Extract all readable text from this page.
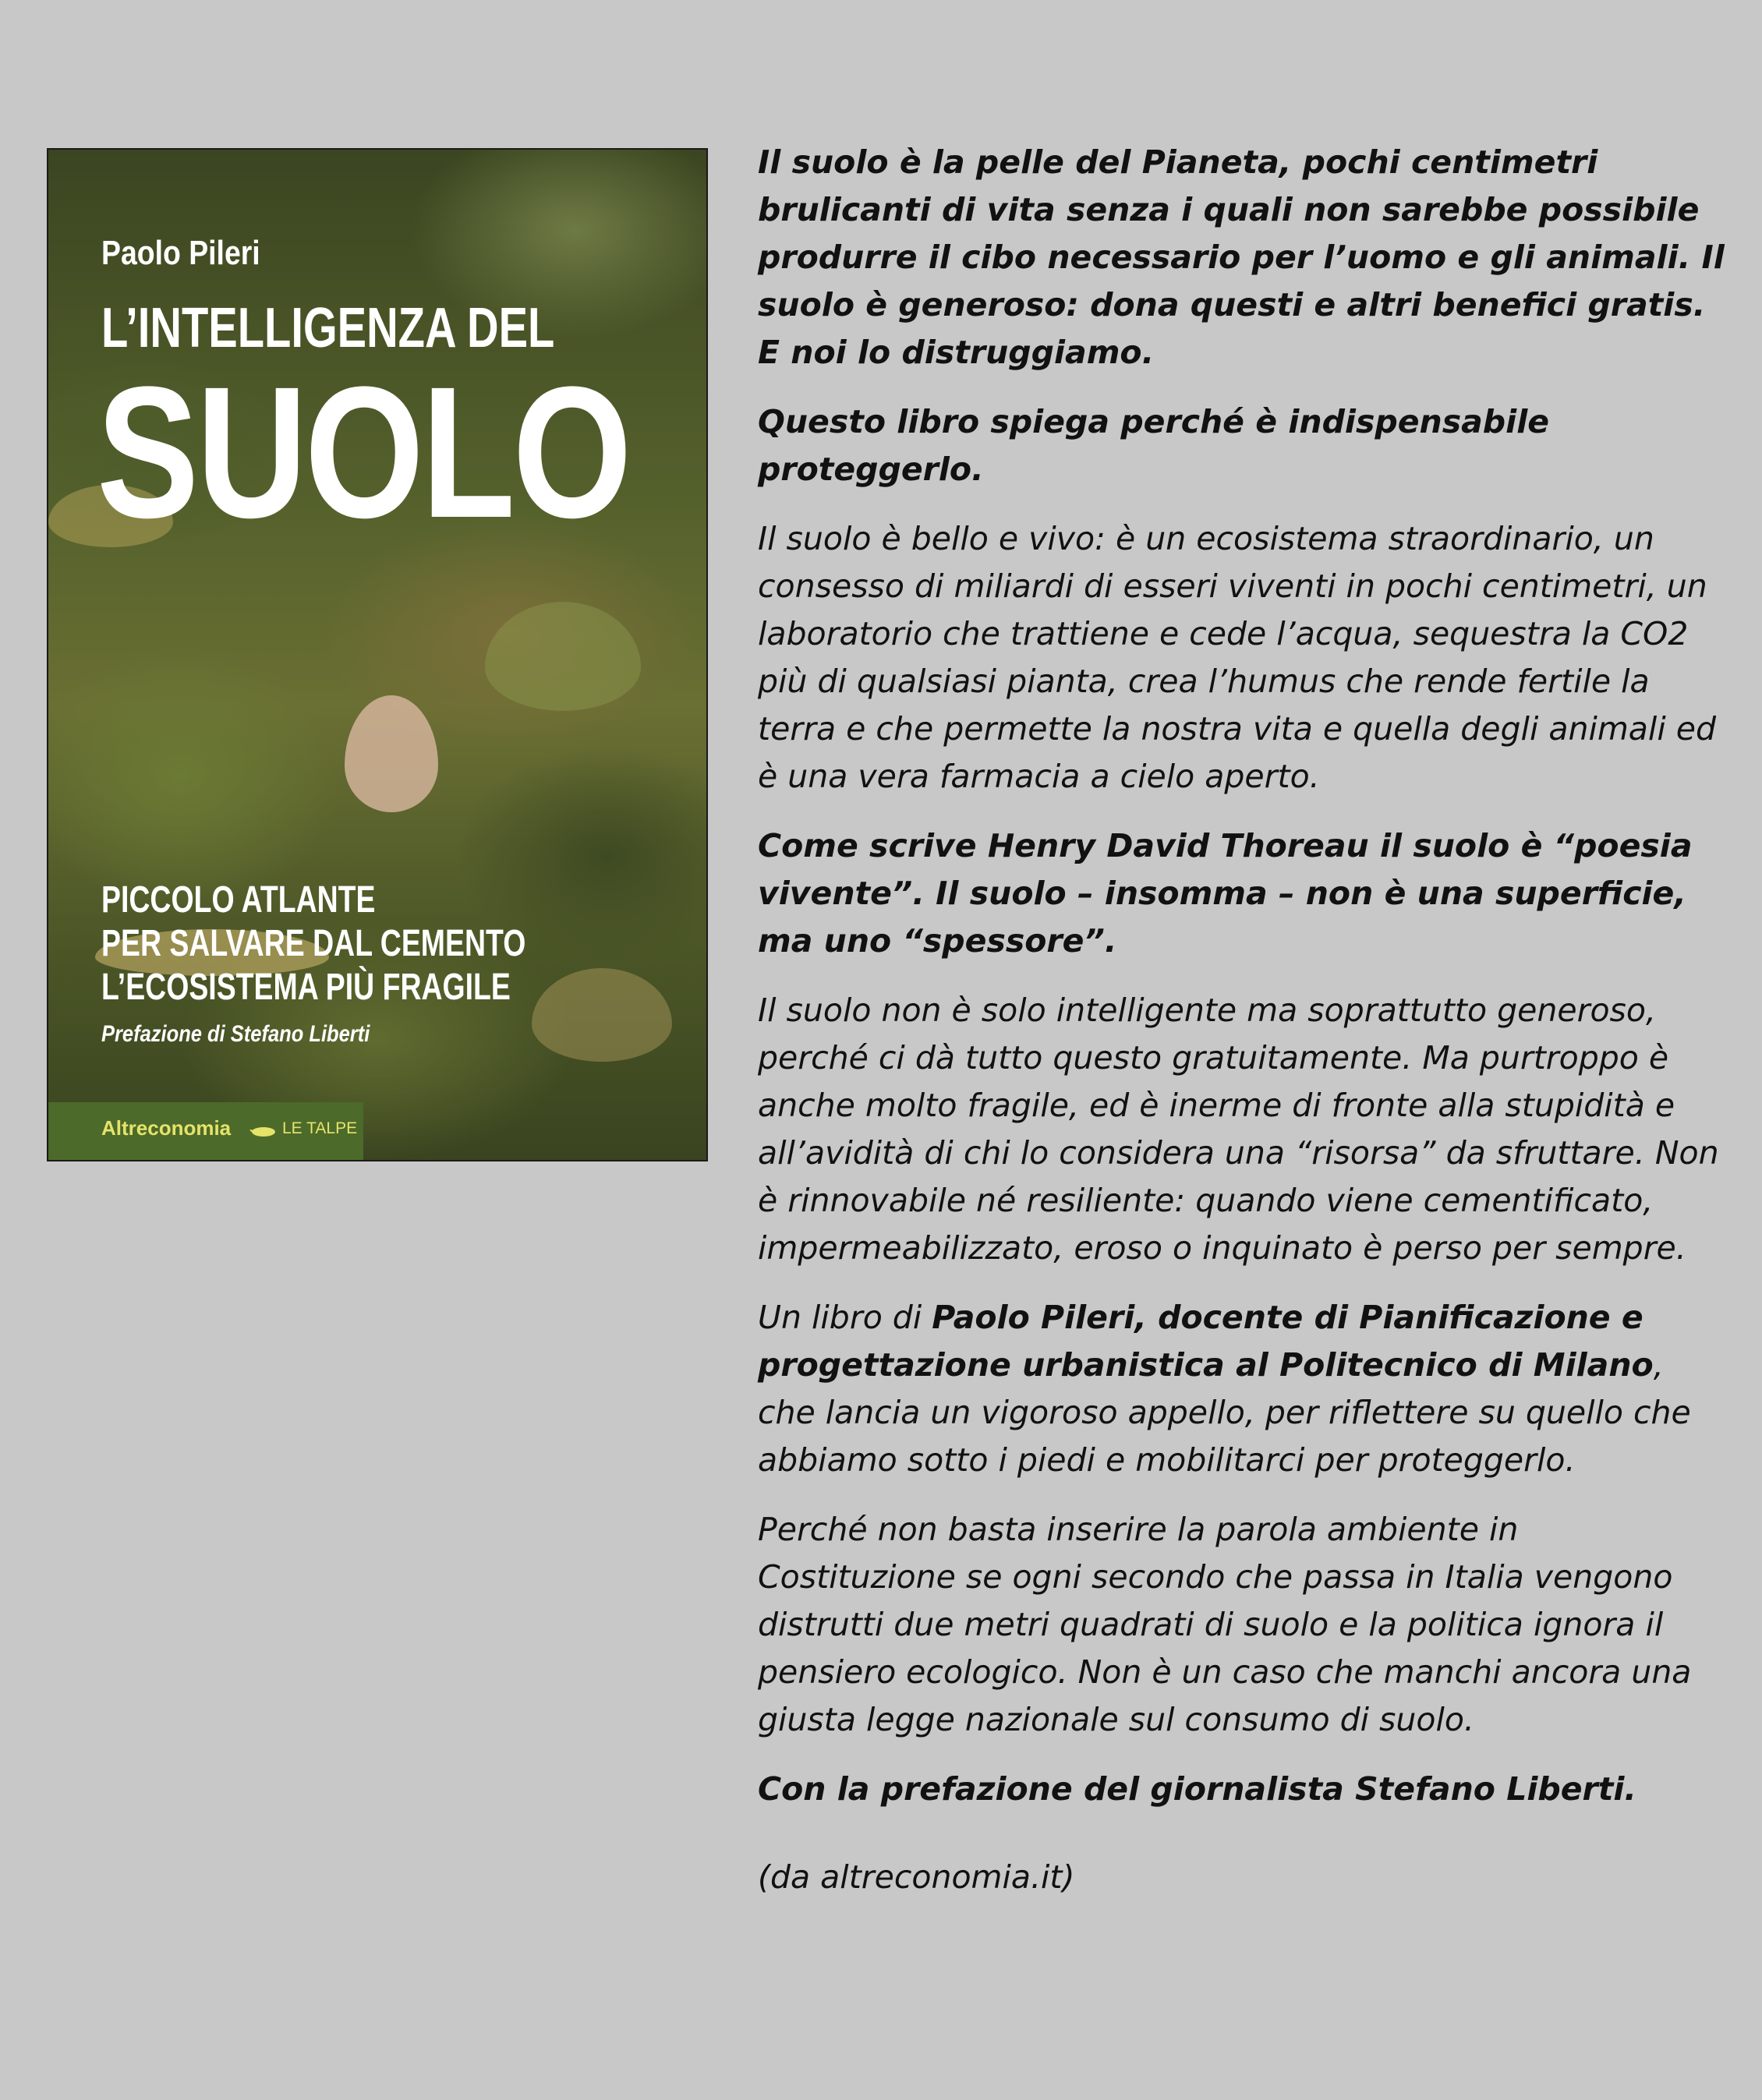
Paolo Pileri
L’INTELLIGENZA DEL
SUOLO
PICCOLO ATLANTE
PER SALVARE DAL CEMENTO
L’ECOSISTEMA PIÙ FRAGILE
Prefazione di Stefano Liberti
Altreconomia	LE TALPE

Il suolo è la pelle del Pianeta, pochi centimetri brulicanti di vita senza i quali non sarebbe possibile produrre il cibo necessario per l’uomo e gli animali. Il suolo è generoso: dona questi e altri benefici gratis. E noi lo distruggiamo.

Questo libro spiega perché è indispensabile proteggerlo.

Il suolo è bello e vivo: è un ecosistema straordinario, un consesso di miliardi di esseri viventi in pochi centimetri, un laboratorio che trattiene e cede l’acqua, sequestra la CO2 più di qualsiasi pianta, crea l’humus che rende fertile la terra e che permette la nostra vita e quella degli animali ed è una vera farmacia a cielo aperto.

Come scrive Henry David Thoreau il suolo è “poesia vivente”. Il suolo – insomma – non è una superficie, ma uno “spessore”.

Il suolo non è solo intelligente ma soprattutto generoso, perché ci dà tutto questo gratuitamente. Ma purtroppo è anche molto fragile, ed è inerme di fronte alla stupidità e all’avidità di chi lo considera una “risorsa” da sfruttare. Non è rinnovabile né resiliente: quando viene cementificato, impermeabilizzato, eroso o inquinato è perso per sempre.

Un libro di Paolo Pileri, docente di Pianificazione e progettazione urbanistica al Politecnico di Milano, che lancia un vigoroso appello, per riflettere su quello che abbiamo sotto i piedi e mobilitarci per proteggerlo.

Perché non basta inserire la parola ambiente in Costituzione se ogni secondo che passa in Italia vengono distrutti due metri quadrati di suolo e la politica ignora il pensiero ecologico. Non è un caso che manchi ancora una giusta legge nazionale sul consumo di suolo.

Con la prefazione del giornalista Stefano Liberti.

(da altreconomia.it)
